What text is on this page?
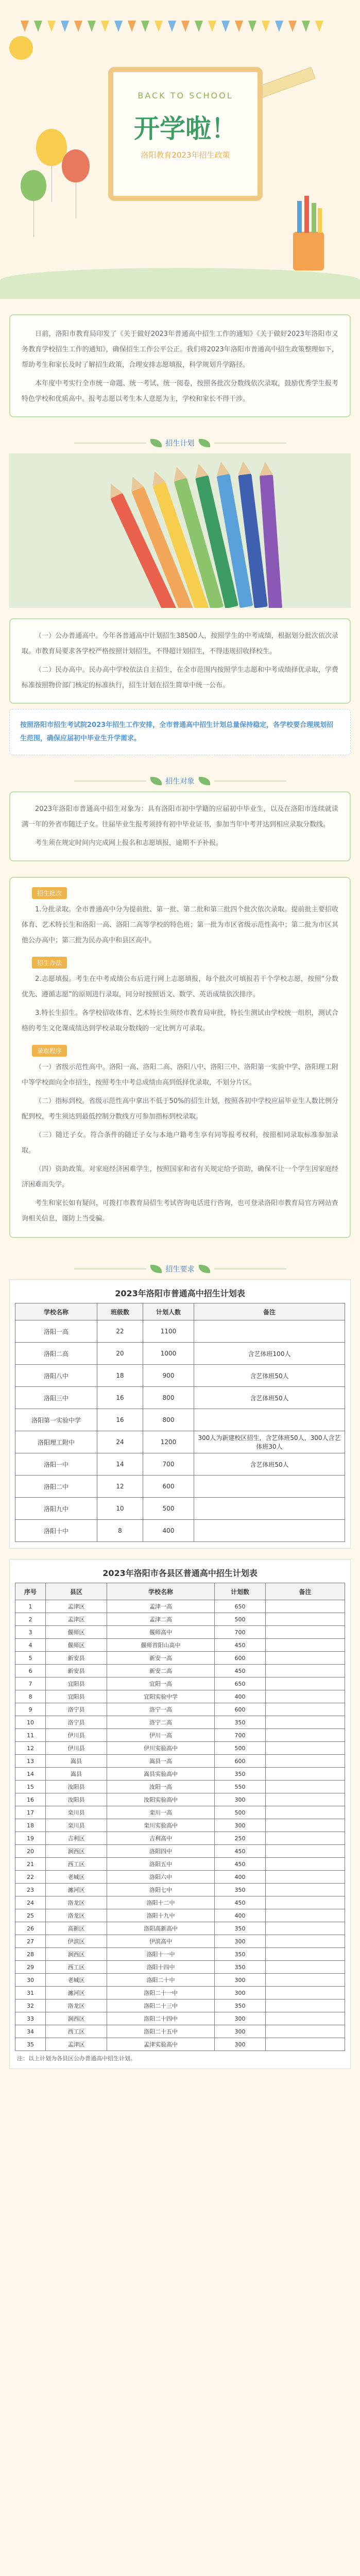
BACK TO SCHOOL
开学啦！
洛阳教育2023年招生政策

日前，洛阳市教育局印发了《关于做好2023年普通高中招生工作的通知》《关于做好2023年洛阳市义务教育学校招生工作的通知》，确保招生工作公平公正。我们将2023年洛阳市普通高中招生政策整理如下，帮助考生和家长及时了解招生政策，合理安排志愿填报，科学规划升学路径。

本年度中考实行全市统一命题、统一考试、统一阅卷，按照各批次分数线依次录取，鼓励优秀学生报考特色学校和优质高中。报考志愿以考生本人意愿为主，学校和家长不得干涉。

招生计划

（一）公办普通高中。今年各普通高中计划招生38500人，按照学生的中考成绩，根据划分批次依次录取。市教育局要求各学校严格按照计划招生，不得超计划招生，不得违规招收择校生。

（二）民办高中。民办高中学校依法自主招生，在全市范围内按照学生志愿和中考成绩择优录取，学费标准按照物价部门核定的标准执行，招生计划在招生简章中统一公布。

按照洛阳市招生考试院2023年招生工作安排，全市普通高中招生计划总量保持稳定，各学校要合理规划招生范围，确保应届初中毕业生升学需求。

招生对象

2023年洛阳市普通高中招生对象为：具有洛阳市初中学籍的应届初中毕业生，以及在洛阳市连续就读满一年的外省市随迁子女。往届毕业生报考须持有初中毕业证书，参加当年中考并达到相应录取分数线。

考生须在规定时间内完成网上报名和志愿填报，逾期不予补报。

招生批次

1.分批录取。全市普通高中分为提前批、第一批、第二批和第三批四个批次依次录取。提前批主要招收体育、艺术特长生和洛阳一高、洛阳二高等学校的特色班；第一批为市区省级示范性高中；第二批为市区其他公办高中；第三批为民办高中和县区高中。

招生办法

2.志愿填报。考生在中考成绩公布后进行网上志愿填报，每个批次可填报若干个学校志愿，按照“分数优先、遵循志愿”的原则进行录取，同分时按照语文、数学、英语成绩依次排序。

3.特长生招生。各学校招收体育、艺术特长生须经市教育局审批，特长生测试由学校统一组织，测试合格的考生文化课成绩达到学校录取分数线的一定比例方可录取。

录取程序

（一）省级示范性高中。洛阳一高、洛阳二高、洛阳八中、洛阳三中、洛阳第一实验中学、洛阳理工附中等学校面向全市招生，按照考生中考总成绩由高到低择优录取，不划分片区。

（二）指标到校。省级示范性高中拿出不低于50%的招生计划，按照各初中学校应届毕业生人数比例分配到校，考生须达到最低控制分数线方可参加指标到校录取。

（三）随迁子女。符合条件的随迁子女与本地户籍考生享有同等报考权利，按照相同录取标准参加录取。

（四）资助政策。对家庭经济困难学生，按照国家和省有关规定给予资助，确保不让一个学生因家庭经济困难而失学。

考生和家长如有疑问，可拨打市教育局招生考试咨询电话进行咨询，也可登录洛阳市教育局官方网站查询相关信息，谨防上当受骗。

招生要求
2023年洛阳市普通高中招生计划表
学校名称	班级数	计划人数	备注
洛阳一高	22	1100	
洛阳二高	20	1000	含艺体班100人
洛阳八中	18	900	含艺体班50人
洛阳三中	16	800	含艺体班50人
洛阳第一实验中学	16	800	
洛阳理工附中	24	1200	300人为新建校区招生，含艺体班50人，300人含艺体班30人
洛阳一中	14	700	含艺体班50人
洛阳二中	12	600	
洛阳九中	10	500	
洛阳十中	8	400	
2023年洛阳市各县区普通高中招生计划表
序号	县区	学校名称	计划数	备注
1	孟津区	孟津一高	650	
2	孟津区	孟津二高	500	
3	偃师区	偃师高中	700	
4	偃师区	偃师首阳山高中	450	
5	新安县	新安一高	600	
6	新安县	新安二高	450	
7	宜阳县	宜阳一高	650	
8	宜阳县	宜阳实验中学	400	
9	洛宁县	洛宁一高	600	
10	洛宁县	洛宁二高	350	
11	伊川县	伊川一高	700	
12	伊川县	伊川实验高中	500	
13	嵩县	嵩县一高	600	
14	嵩县	嵩县实验高中	350	
15	汝阳县	汝阳一高	550	
16	汝阳县	汝阳实验高中	300	
17	栾川县	栾川一高	500	
18	栾川县	栾川实验高中	300	
19	吉利区	吉利高中	250	
20	涧西区	洛阳四中	450	
21	西工区	洛阳五中	450	
22	老城区	洛阳六中	400	
23	瀍河区	洛阳七中	350	
24	洛龙区	洛阳十二中	450	
25	洛龙区	洛阳十九中	400	
26	高新区	洛阳高新高中	350	
27	伊滨区	伊滨高中	300	
28	涧西区	洛阳十一中	350	
29	西工区	洛阳十四中	350	
30	老城区	洛阳二十中	300	
31	瀍河区	洛阳二十一中	300	
32	洛龙区	洛阳二十三中	350	
33	涧西区	洛阳二十四中	300	
34	西工区	洛阳二十五中	300	
35	孟津区	孟津实验高中	300	
注：以上计划为各县区公办普通高中招生计划。
